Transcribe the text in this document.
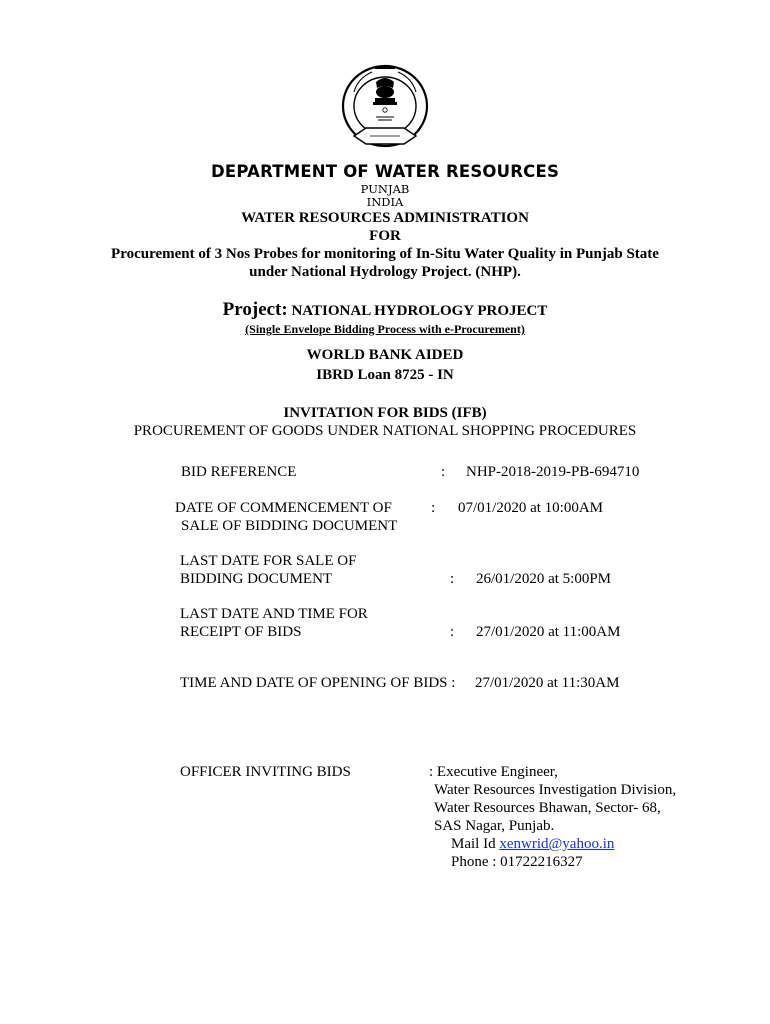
DEPARTMENT OF WATER RESOURCES
PUNJAB
INDIA
WATER RESOURCES ADMINISTRATION
FOR
Procurement of 3 Nos Probes for monitoring of In-Situ Water Quality in Punjab State
under National Hydrology Project. (NHP).
Project: NATIONAL HYDROLOGY PROJECT
(Single Envelope Bidding Process with e-Procurement)
WORLD BANK AIDED
IBRD Loan 8725 - IN
INVITATION FOR BIDS (IFB)
PROCUREMENT OF GOODS UNDER NATIONAL SHOPPING PROCEDURES
BID REFERENCE	: NHP-2018-2019-PB-694710
DATE OF COMMENCEMENT OF
SALE OF BIDDING DOCUMENT
: 07/01/2020 at 10:00AM
LAST DATE FOR SALE OF
BIDDING DOCUMENT	: 26/01/2020 at 5:00PM
LAST DATE AND TIME FOR
RECEIPT OF BIDS	: 27/01/2020 at 11:00AM
TIME AND DATE OF OPENING OF BIDS : 27/01/2020 at 11:30AM
OFFICER INVITING BIDS	: Executive Engineer,
Water Resources Investigation Division,
Water Resources Bhawan, Sector- 68,
SAS Nagar, Punjab.
Mail Id xenwrid@yahoo.in
Phone : 01722216327
